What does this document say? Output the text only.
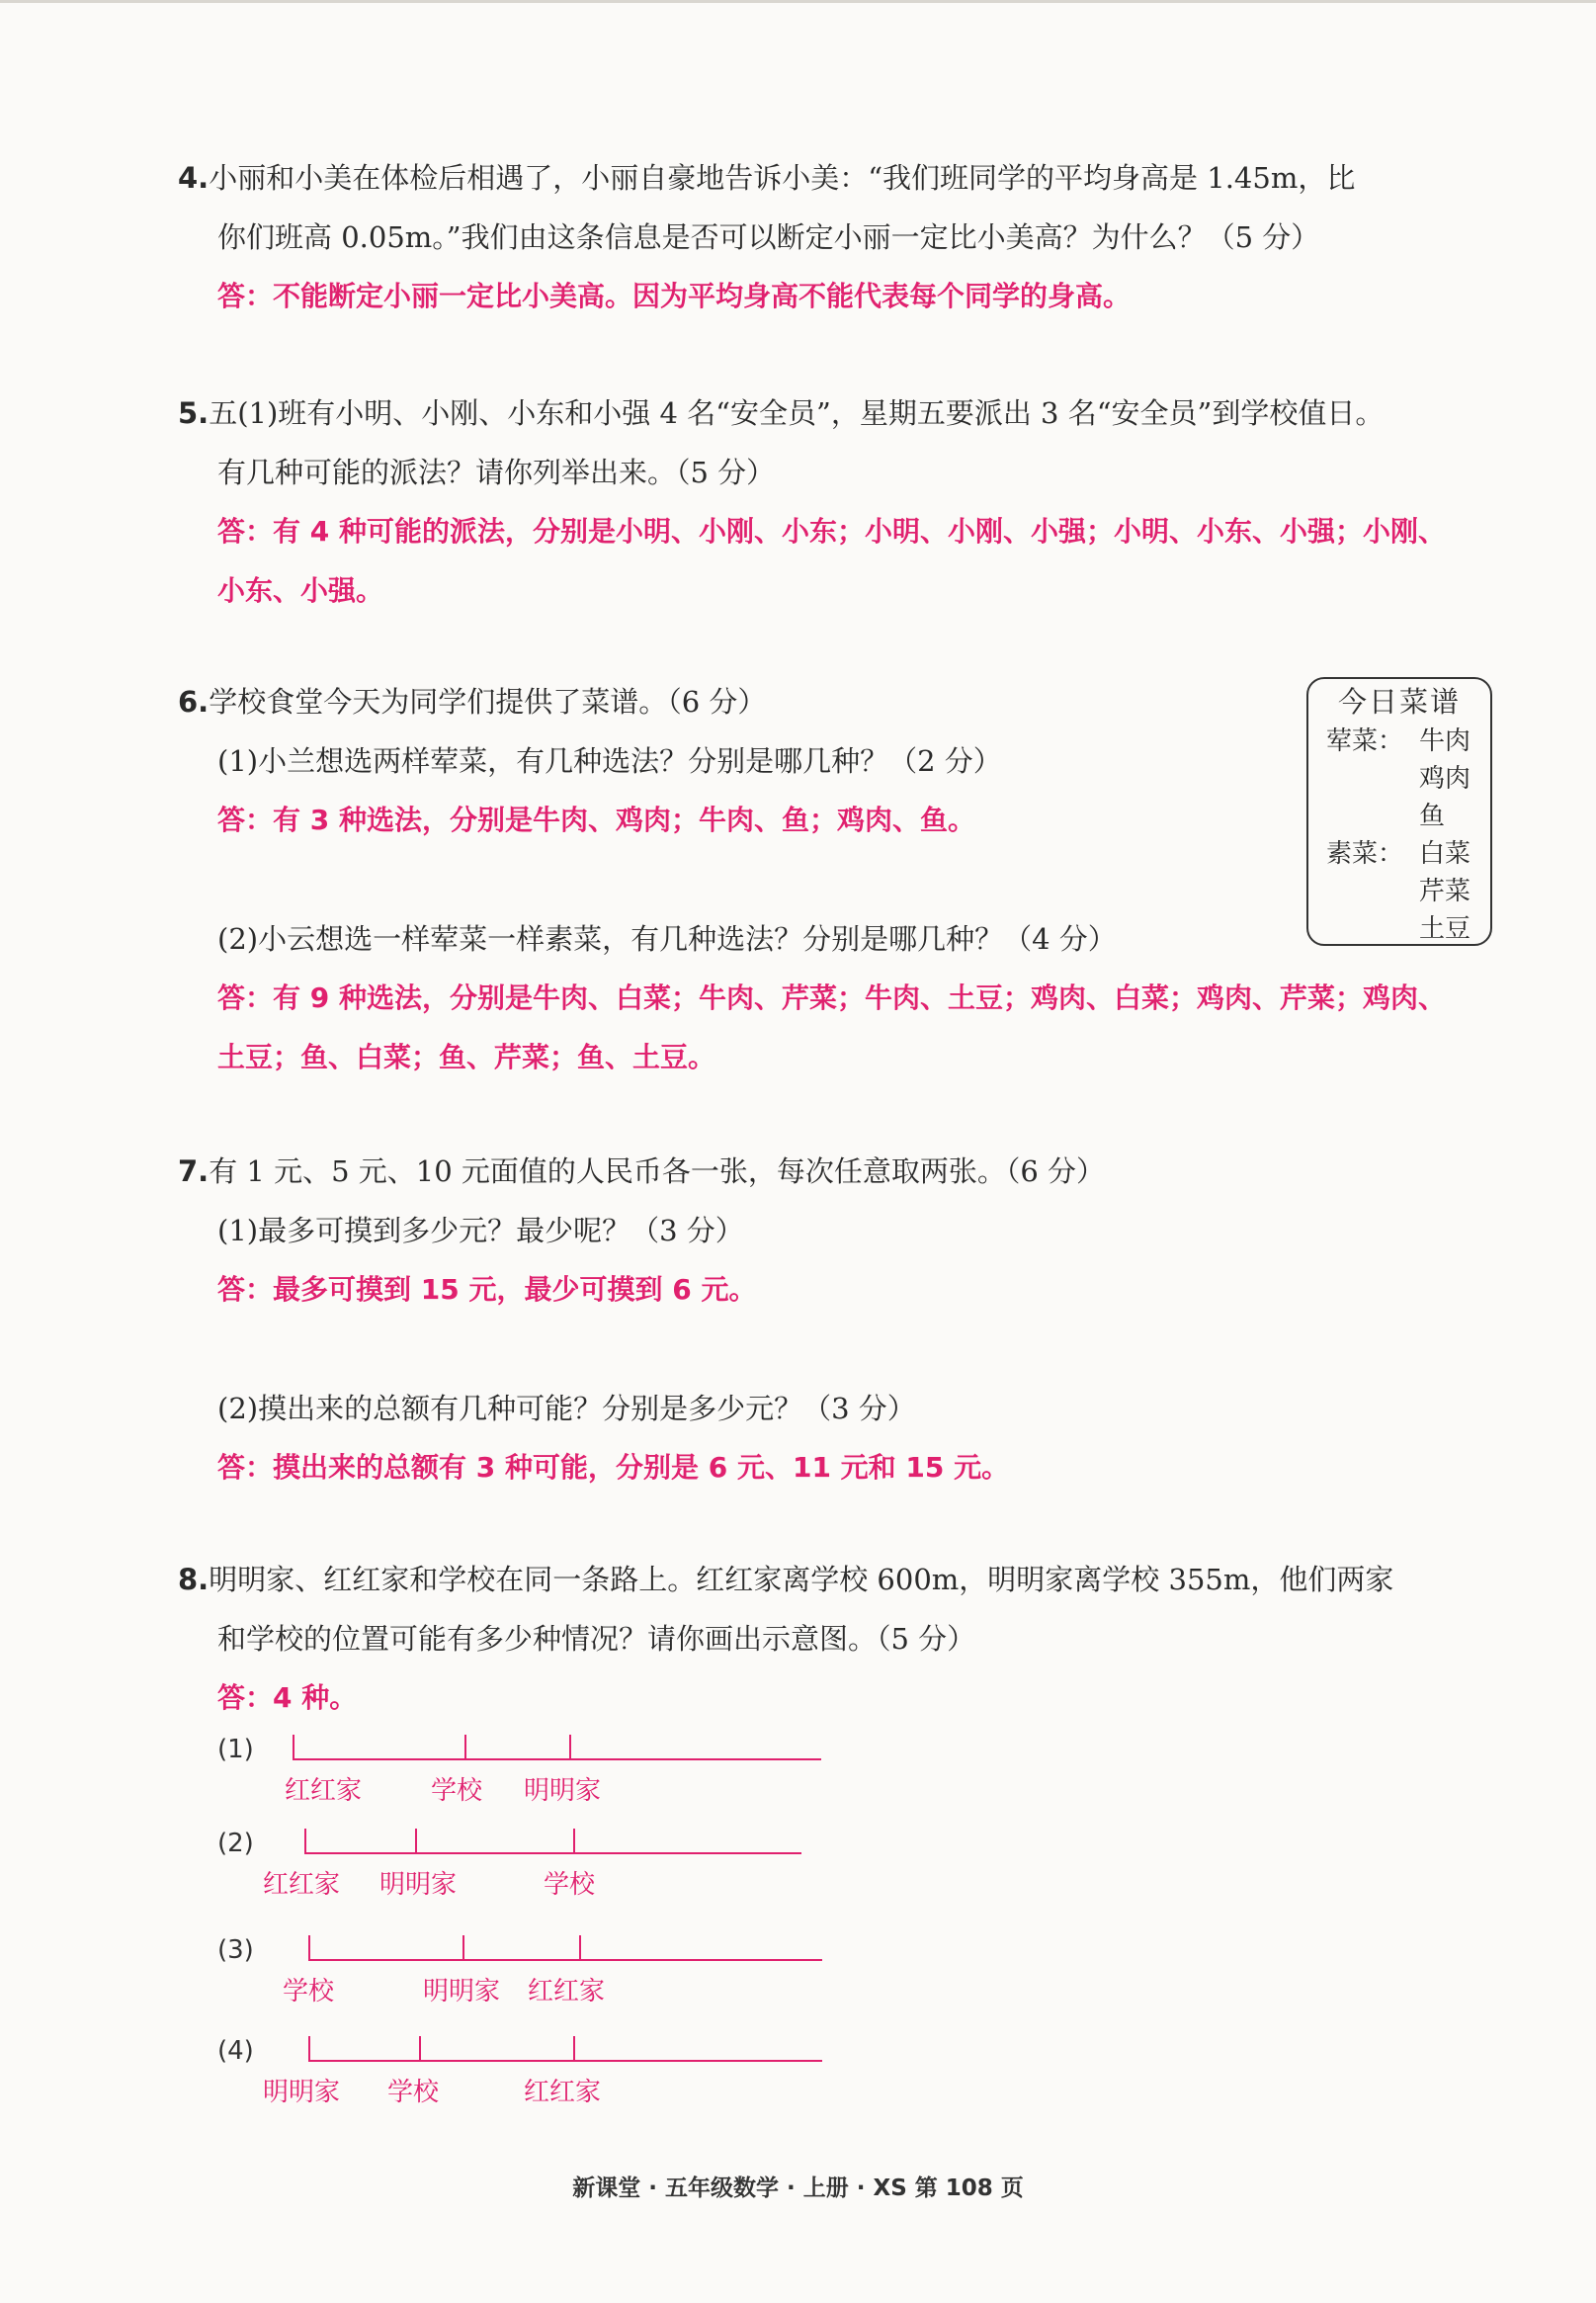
4.小丽和小美在体检后相遇了，小丽自豪地告诉小美：“我们班同学的平均身高是 1.45m，比
你们班高 0.05m。”我们由这条信息是否可以断定小丽一定比小美高？为什么？（5 分）
答：不能断定小丽一定比小美高。因为平均身高不能代表每个同学的身高。
5.五(1)班有小明、小刚、小东和小强 4 名“安全员”，星期五要派出 3 名“安全员”到学校值日。
有几种可能的派法？请你列举出来。（5 分）
答：有 4 种可能的派法，分别是小明、小刚、小东；小明、小刚、小强；小明、小东、小强；小刚、
小东、小强。
6.学校食堂今天为同学们提供了菜谱。（6 分）
(1)小兰想选两样荤菜，有几种选法？分别是哪几种？（2 分）
答：有 3 种选法，分别是牛肉、鸡肉；牛肉、鱼；鸡肉、鱼。
(2)小云想选一样荤菜一样素菜，有几种选法？分别是哪几种？（4 分）
答：有 9 种选法，分别是牛肉、白菜；牛肉、芹菜；牛肉、土豆；鸡肉、白菜；鸡肉、芹菜；鸡肉、
土豆；鱼、白菜；鱼、芹菜；鱼、土豆。
今日菜谱
荤菜： 牛肉
鸡肉
鱼
素菜： 白菜
芹菜
土豆
7.有 1 元、5 元、10 元面值的人民币各一张，每次任意取两张。（6 分）
(1)最多可摸到多少元？最少呢？（3 分）
答：最多可摸到 15 元，最少可摸到 6 元。
(2)摸出来的总额有几种可能？分别是多少元？（3 分）
答：摸出来的总额有 3 种可能，分别是 6 元、11 元和 15 元。
8.明明家、红红家和学校在同一条路上。红红家离学校 600m，明明家离学校 355m，他们两家
和学校的位置可能有多少种情况？请你画出示意图。（5 分）
答：4 种。
(1)
红红家	学校 明明家
(2)
红红家 明明家	学校
(3)
学校	明明家 红红家
(4)
明明家 学校	红红家
新课堂 · 五年级数学 · 上册 · XS 第 108 页
